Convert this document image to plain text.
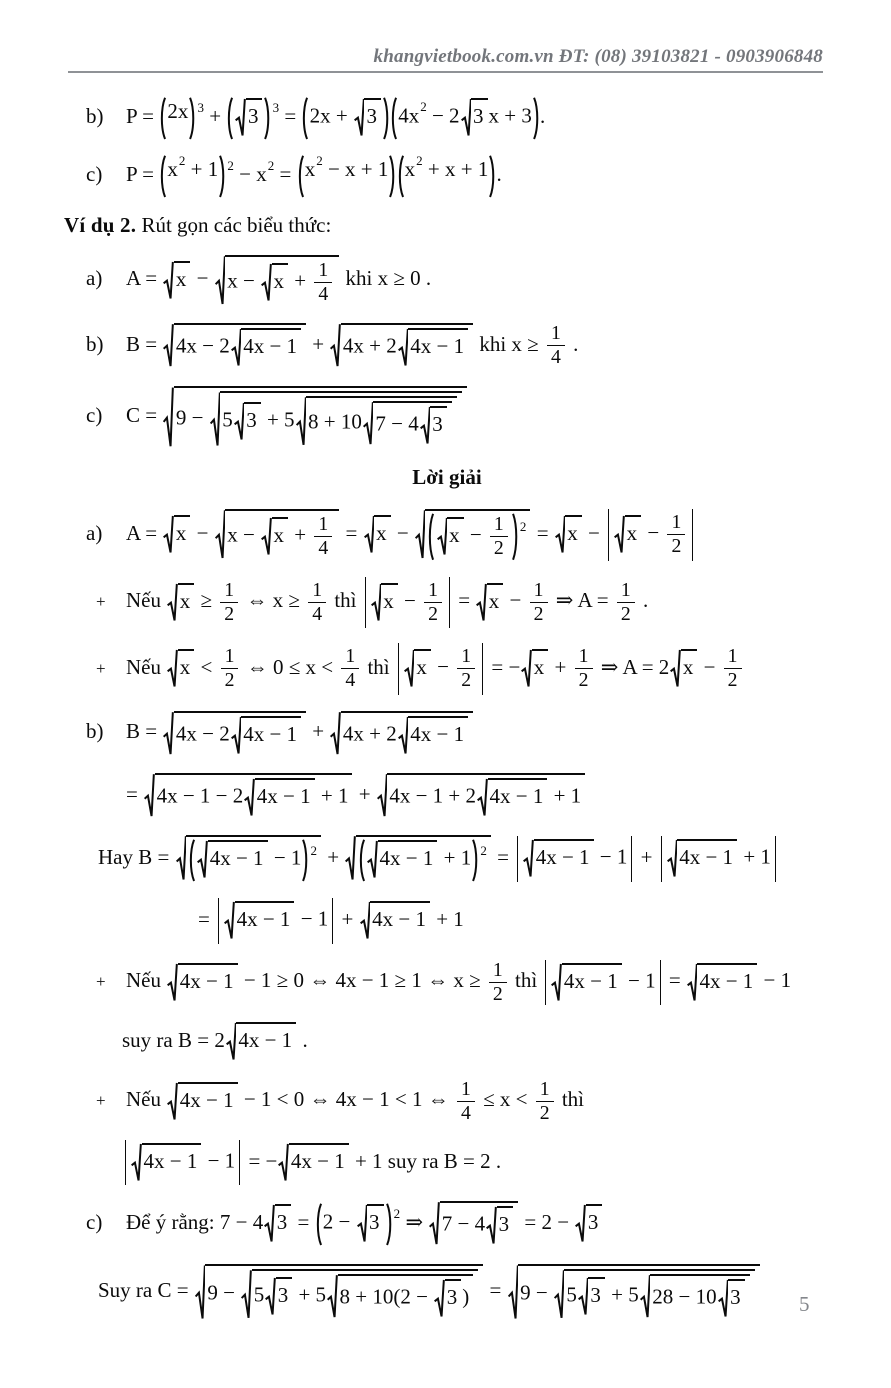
khangvietbook.com.vn ĐT: (08) 39103821 - 0903906848
b) P = 2x $^3$ + 3	$^3$ = 2x + 3 $4x^2 - 2$ 3 x + 3 .
c) $P = x^2 + 1$ $^2 - x^2 = x^2 - x + 1$ $x^2 + x + 1$ .
Ví dụ 2. Rút gọn các biểu thức:
a) $A = x - x - x + \frac{1}{4}$ khi x ≥ 0 .
b) B = 4x − 2 4x − 1 + 4x + 2 4x − 1 khi $x \ge \frac{1}{4}$ .
c) C = 9 − 5 3 + 5 8 + 10 7 − 4 3
Lời giải
a) $A = x - x - x + \frac{1}{4} = x - x - \frac{1}{2} ^2 = x - x - \frac{1}{2}$
+ Nếu $x \ge \frac{1}{2}$ ⇔ $x \ge \frac{1}{4}$ thì $x - \frac{1}{2} = x - \frac{1}{2}$ ⇒ $A = \frac{1}{2}$ .
+ Nếu $x < \frac{1}{2}$ ⇔ $0 \le x < \frac{1}{4}$ thì $x - \frac{1}{2}$ = − $x + \frac{1}{2}$ ⇒ A = 2 $x - \frac{1}{2}$
b) B = 4x − 2 4x − 1 + 4x + 2 4x − 1
= 4x − 1 − 2 4x − 1 + 1 + 4x − 1 + 2 4x − 1 + 1
Hay B = 4x − 1 − 1 $^2$ + 4x − 1 + 1 $^2$ = 4x − 1 − 1 + 4x − 1 + 1
= 4x − 1 − 1 + 4x − 1 + 1
+ Nếu 4x − 1 − 1 ≥ 0 ⇔ 4x − 1 ≥ 1 ⇔ $x \ge \frac{1}{2}$ thì 4x − 1 − 1 = 4x − 1 − 1
suy ra B = 2 4x − 1 .
+ Nếu 4x − 1 − 1 < 0 ⇔ 4x − 1 < 1 ⇔ $\frac{1}{4} \le x < \frac{1}{2}$ thì
4x − 1 − 1 = − 4x − 1 + 1 suy ra B = 2 .
c) Để ý rằng: 7 − 4 3 = 2 − 3	$^2$ ⇒ 7 − 4 3 = 2 − 3
Suy ra C = 9 − 5 3 + 5 8 + 10(2 − 3 ) = 9 − 5 3 + 5 28 − 10 3	5
